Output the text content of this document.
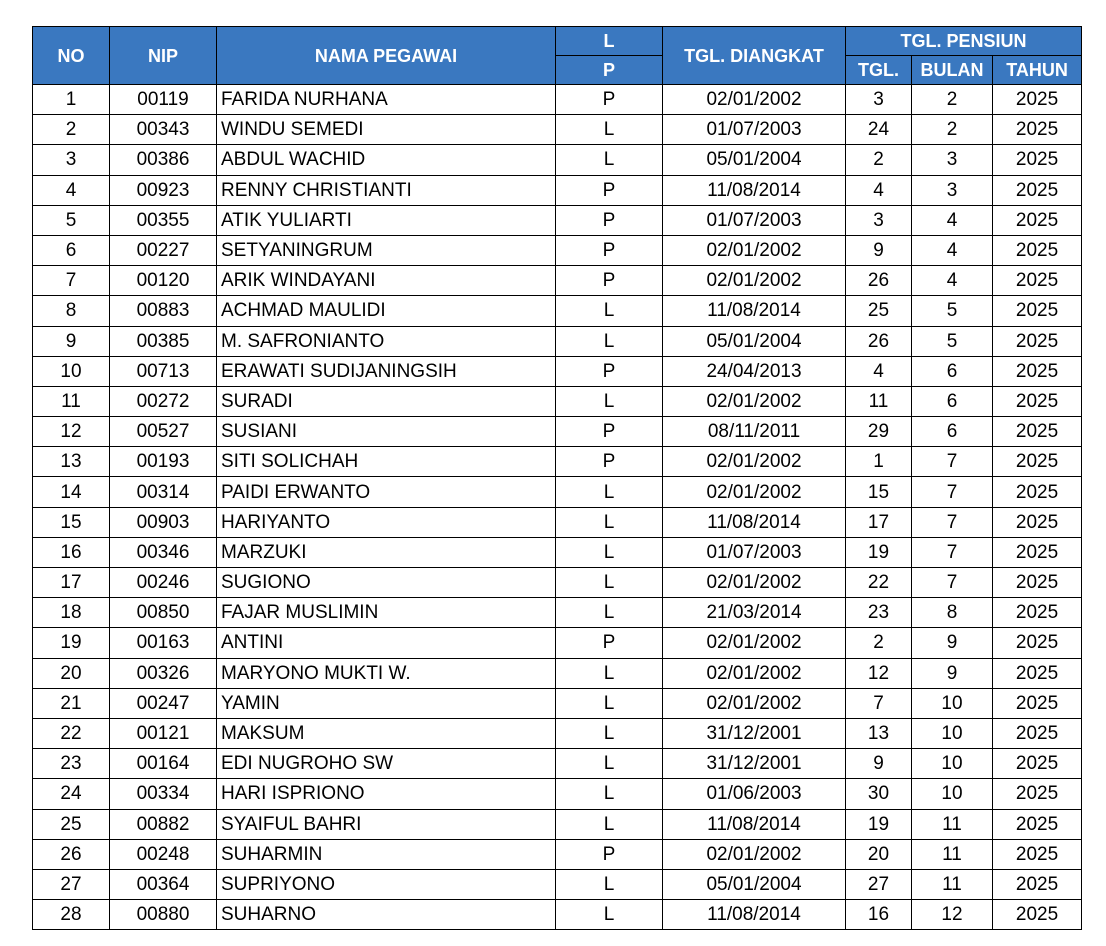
NO	NIP	NAMA PEGAWAI	L	TGL. DIANGKAT	TGL. PENSIUN		
			P		TGL.	BULAN	TAHUN
1	00119	FARIDA NURHANA	P	02/01/2002	3	2	2025
2	00343	WINDU SEMEDI	L	01/07/2003	24	2	2025
3	00386	ABDUL WACHID	L	05/01/2004	2	3	2025
4	00923	RENNY CHRISTIANTI	P	11/08/2014	4	3	2025
5	00355	ATIK YULIARTI	P	01/07/2003	3	4	2025
6	00227	SETYANINGRUM	P	02/01/2002	9	4	2025
7	00120	ARIK WINDAYANI	P	02/01/2002	26	4	2025
8	00883	ACHMAD MAULIDI	L	11/08/2014	25	5	2025
9	00385	M. SAFRONIANTO	L	05/01/2004	26	5	2025
10	00713	ERAWATI SUDIJANINGSIH	P	24/04/2013	4	6	2025
11	00272	SURADI	L	02/01/2002	11	6	2025
12	00527	SUSIANI	P	08/11/2011	29	6	2025
13	00193	SITI SOLICHAH	P	02/01/2002	1	7	2025
14	00314	PAIDI ERWANTO	L	02/01/2002	15	7	2025
15	00903	HARIYANTO	L	11/08/2014	17	7	2025
16	00346	MARZUKI	L	01/07/2003	19	7	2025
17	00246	SUGIONO	L	02/01/2002	22	7	2025
18	00850	FAJAR MUSLIMIN	L	21/03/2014	23	8	2025
19	00163	ANTINI	P	02/01/2002	2	9	2025
20	00326	MARYONO MUKTI W.	L	02/01/2002	12	9	2025
21	00247	YAMIN	L	02/01/2002	7	10	2025
22	00121	MAKSUM	L	31/12/2001	13	10	2025
23	00164	EDI NUGROHO SW	L	31/12/2001	9	10	2025
24	00334	HARI ISPRIONO	L	01/06/2003	30	10	2025
25	00882	SYAIFUL BAHRI	L	11/08/2014	19	11	2025
26	00248	SUHARMIN	P	02/01/2002	20	11	2025
27	00364	SUPRIYONO	L	05/01/2004	27	11	2025
28	00880	SUHARNO	L	11/08/2014	16	12	2025
